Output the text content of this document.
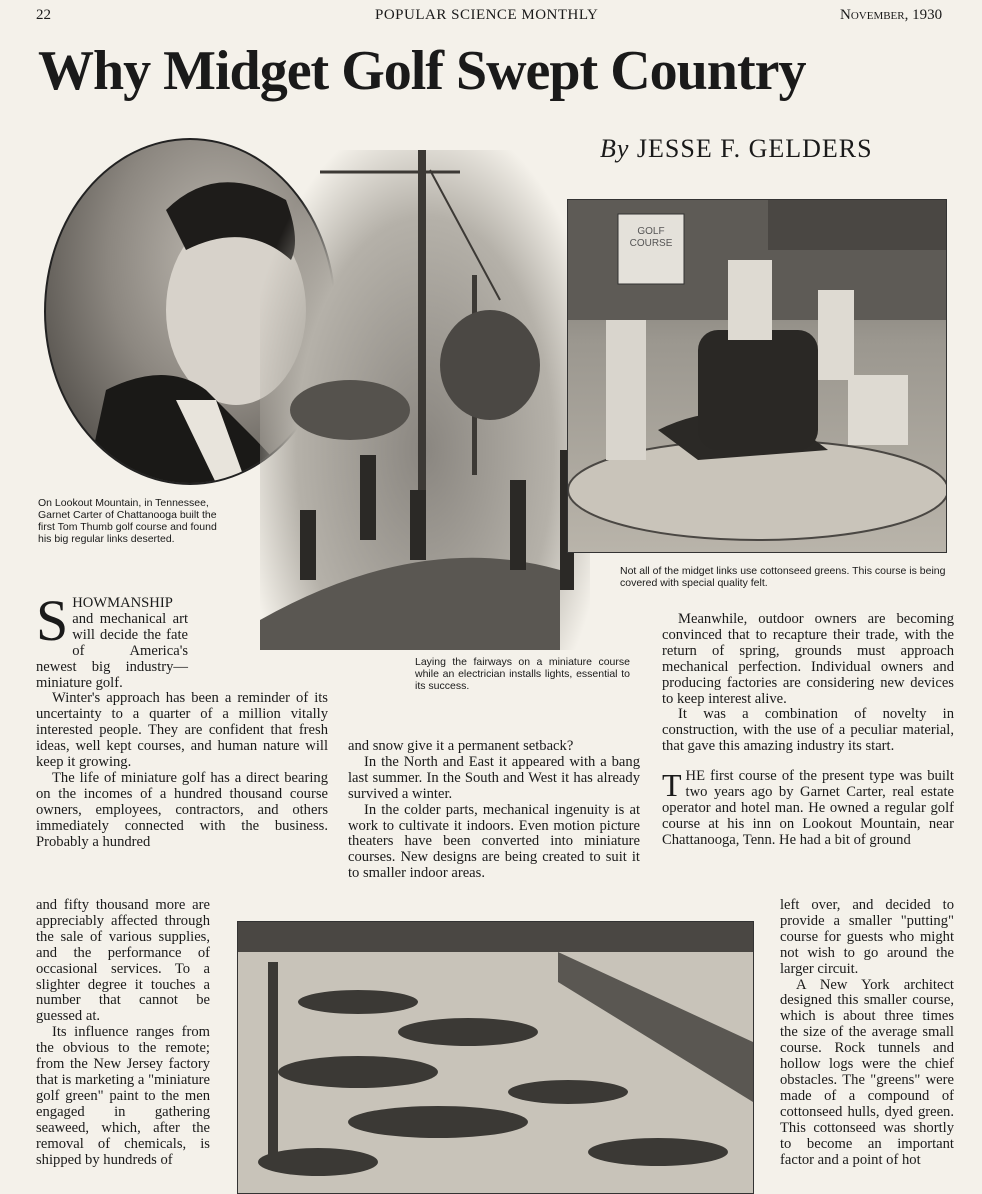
22	POPULAR SCIENCE MONTHLY	November, 1930
Why Midget Golf Swept Country
By JESSE F. GELDERS
On Lookout Mountain, in Tennessee, Garnet Carter of Chattanooga built the first Tom Thumb golf course and found his big regular links deserted.
Laying the fairways on a miniature course while an electrician installs lights, essential to its success.
GOLF COURSE
Not all of the midget links use cottonseed greens. This course is being covered with special quality felt.

S HOWMANSHIP and mechanical art will decide the fate of America's newest big industry—miniature golf.

Winter's approach has been a reminder of its uncertainty to a quarter of a million vitally interested people. They are confident that fresh ideas, well kept courses, and human nature will keep it growing.

The life of miniature golf has a direct bearing on the incomes of a hundred thousand course owners, employees, contractors, and others immediately connected with the business. Probably a hundred

and fifty thousand more are appreciably affected through the sale of various supplies, and the performance of occasional services. To a slighter degree it touches a number that cannot be guessed at.

Its influence ranges from the obvious to the remote; from the New Jersey factory that is marketing a "miniature golf green" paint to the men engaged in gathering seaweed, which, after the removal of chemicals, is shipped by hundreds of

and snow give it a permanent setback?

In the North and East it appeared with a bang last summer. In the South and West it has already survived a winter.

In the colder parts, mechanical ingenuity is at work to cultivate it indoors. Even motion picture theaters have been converted into miniature courses. New designs are being created to suit it to smaller indoor areas.

Meanwhile, outdoor owners are becoming convinced that to recapture their trade, with the return of spring, grounds must approach mechanical perfection. Individual owners and producing factories are considering new devices to keep interest alive.

It was a combination of novelty in construction, with the use of a peculiar material, that gave this amazing industry its start.

T HE first course of the present type was built two years ago by Garnet Carter, real estate operator and hotel man. He owned a regular golf course at his inn on Lookout Mountain, near Chattanooga, Tenn. He had a bit of ground

left over, and decided to provide a smaller "putting" course for guests who might not wish to go around the larger circuit.

A New York architect designed this smaller course, which is about three times the size of the average small course. Rock tunnels and hollow logs were the chief obstacles. The "greens" were made of a compound of cottonseed hulls, dyed green. This cottonseed was shortly to become an important factor and a point of hot
